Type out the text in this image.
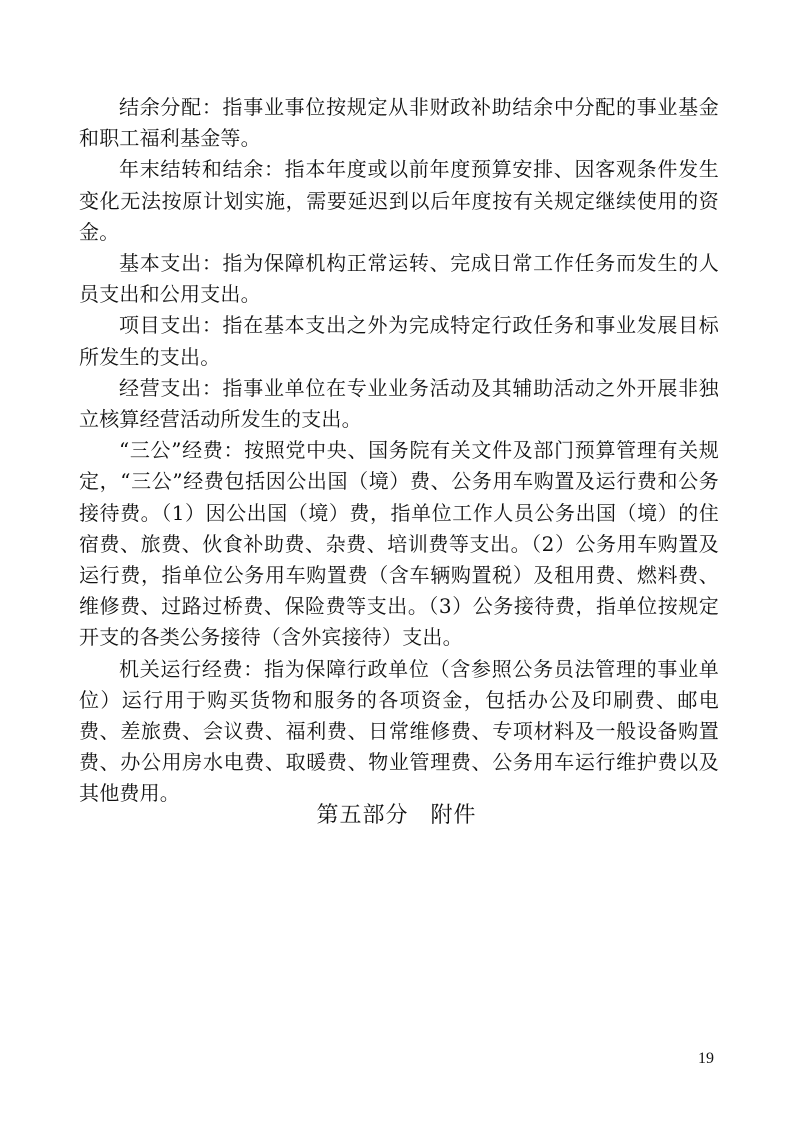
结余分配：指事业事位按规定从非财政补助结余中分配的事业基金和职工福利基金等。

年末结转和结余：指本年度或以前年度预算安排、因客观条件发生变化无法按原计划实施，需要延迟到以后年度按有关规定继续使用的资金。

基本支出：指为保障机构正常运转、完成日常工作任务而发生的人员支出和公用支出。

项目支出：指在基本支出之外为完成特定行政任务和事业发展目标所发生的支出。

经营支出：指事业单位在专业业务活动及其辅助活动之外开展非独立核算经营活动所发生的支出。

“三公”经费：按照党中央、国务院有关文件及部门预算管理有关规定，“三公”经费包括因公出国（境）费、公务用车购置及运行费和公务接待费。（1）因公出国（境）费，指单位工作人员公务出国（境）的住宿费、旅费、伙食补助费、杂费、培训费等支出。（2）公务用车购置及运行费，指单位公务用车购置费（含车辆购置税）及租用费、燃料费、维修费、过路过桥费、保险费等支出。（3）公务接待费，指单位按规定开支的各类公务接待（含外宾接待）支出。

机关运行经费：指为保障行政单位（含参照公务员法管理的事业单位）运行用于购买货物和服务的各项资金，包括办公及印刷费、邮电费、差旅费、会议费、福利费、日常维修费、专项材料及一般设备购置费、办公用房水电费、取暖费、物业管理费、公务用车运行维护费以及其他费用。

第五部分 附件
19
